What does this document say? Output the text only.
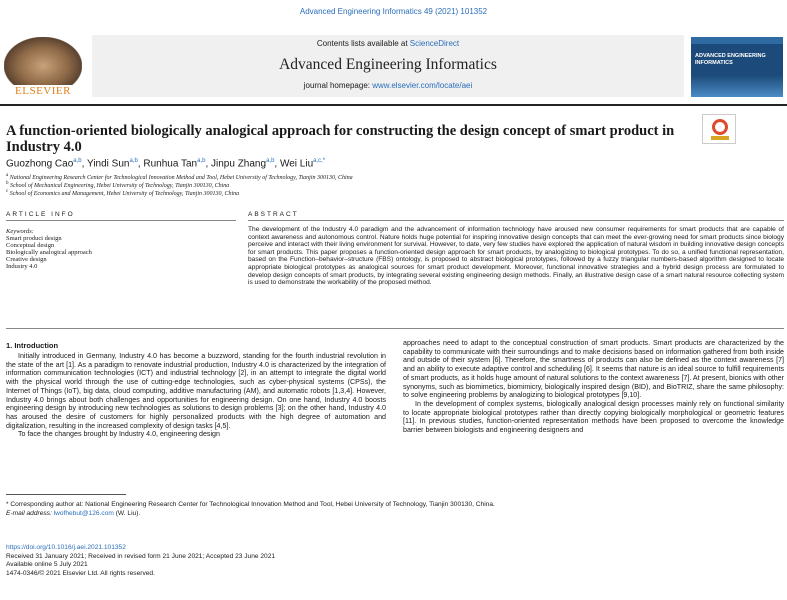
Advanced Engineering Informatics 49 (2021) 101352
ELSEVIER
Contents lists available at ScienceDirect
Advanced Engineering Informatics
journal homepage: www.elsevier.com/locate/aei
ADVANCED ENGINEERING INFORMATICS
A function-oriented biologically analogical approach for constructing the design concept of smart product in Industry 4.0
Guozhong Cao$^{a,b}$, Yindi Sun$^{a,b}$, Runhua Tan$^{a,b}$, Jinpu Zhang$^{a,b}$, Wei Liu$^{a,c,*}$
$^a$ National Engineering Research Center for Technological Innovation Method and Tool, Hebei University of Technology, Tianjin 300130, China
$^b$ School of Mechanical Engineering, Hebei University of Technology, Tianjin 300130, China
$^c$ School of Economics and Management, Hebei University of Technology, Tianjin 300130, China
ARTICLE INFO
Keywords:
Smart product design
Conceptual design
Biologically analogical approach
Creative design
Industry 4.0
ABSTRACT
The development of the Industry 4.0 paradigm and the advancement of information technology have aroused new consumer requirements for smart products that are capable of context awareness and autonomous control. Nature holds huge potential for inspiring innovative design concepts that can meet the ever-growing need for smart products since biology perceive and interact with their living environment for survival. However, to date, very few studies have explored the application of natural wisdom in building innovative design concepts for smart products. This paper proposes a function-oriented design approach for smart products, by analogizing to biological prototypes. To do so, a unified functional representation, based on the Function–behavior–structure (FBS) ontology, is proposed to abstract biological prototypes, followed by a fuzzy triangular numbers-based algorithm designed to locate appropriate biological prototypes as analogical sources for smart product development. Moreover, functional innovative strategies and a hybrid design process are formulated to develop design concepts of smart products, by integrating several existing engineering design methods. Finally, an illustrative design case of a smart natural resource collecting system is used to demonstrate the workability of the proposed method.
1. Introduction

Initially introduced in Germany, Industry 4.0 has become a buzzword, standing for the fourth industrial revolution in the state of the art [1]. As a paradigm to renovate industrial production, Industry 4.0 is characterized by the integration of information communication technologies (ICT) and industrial technology [2], in an attempt to integrate the digital world with the physical world through the use of cutting-edge technologies, such as cyber-physical systems (CPSs), the Internet of Things (IoT), big data, cloud computing, additive manufacturing (AM), and automatic robots [1,3,4]. However, Industry 4.0 brings about both challenges and opportunities for engineering design. On one hand, Industry 4.0 boosts engineering design by introducing new technologies as solutions to design problems [3]; on the other hand, Industry 4.0 has aroused the desire of customers for highly personalized products with the high degree of automation and digitalization, resulting in the increased complexity of design tasks [4,5].

To face the changes brought by Industry 4.0, engineering design

approaches need to adapt to the conceptual construction of smart products. Smart products are characterized by the capability to communicate with their surroundings and to make decisions based on information gathered from both inside and outside of their system [6]. Therefore, the smartness of products can also be defined as the context awareness [7] and an ability to execute adaptive control and scheduling [6]. It seems that nature is an ideal source to fulfill requirements of smart products, as it holds huge amount of natural solutions to the context awareness [7]. At present, bionics with other synonyms, such as biomimetics, biomimicry, biologically inspired design (BID), and BioTRIZ, share the same philosophy: to solve engineering problems by analogizing to biological prototypes [9,10].

In the development of complex systems, biologically analogical design processes mainly rely on functional similarity to locate appropriate biological prototypes rather than directly copying biologically morphological or geometric features [11]. In previous studies, function-oriented representation methods have been proposed to overcome the knowledge barrier between biologists and engineering designers and

* Corresponding author at: National Engineering Research Center for Technological Innovation Method and Tool, Hebei University of Technology, Tianjin 300130, China.
E-mail address: lwofhebut@126.com (W. Liu).
https://doi.org/10.1016/j.aei.2021.101352
Received 31 January 2021; Received in revised form 21 June 2021; Accepted 23 June 2021
Available online 5 July 2021
1474-0346/© 2021 Elsevier Ltd. All rights reserved.
